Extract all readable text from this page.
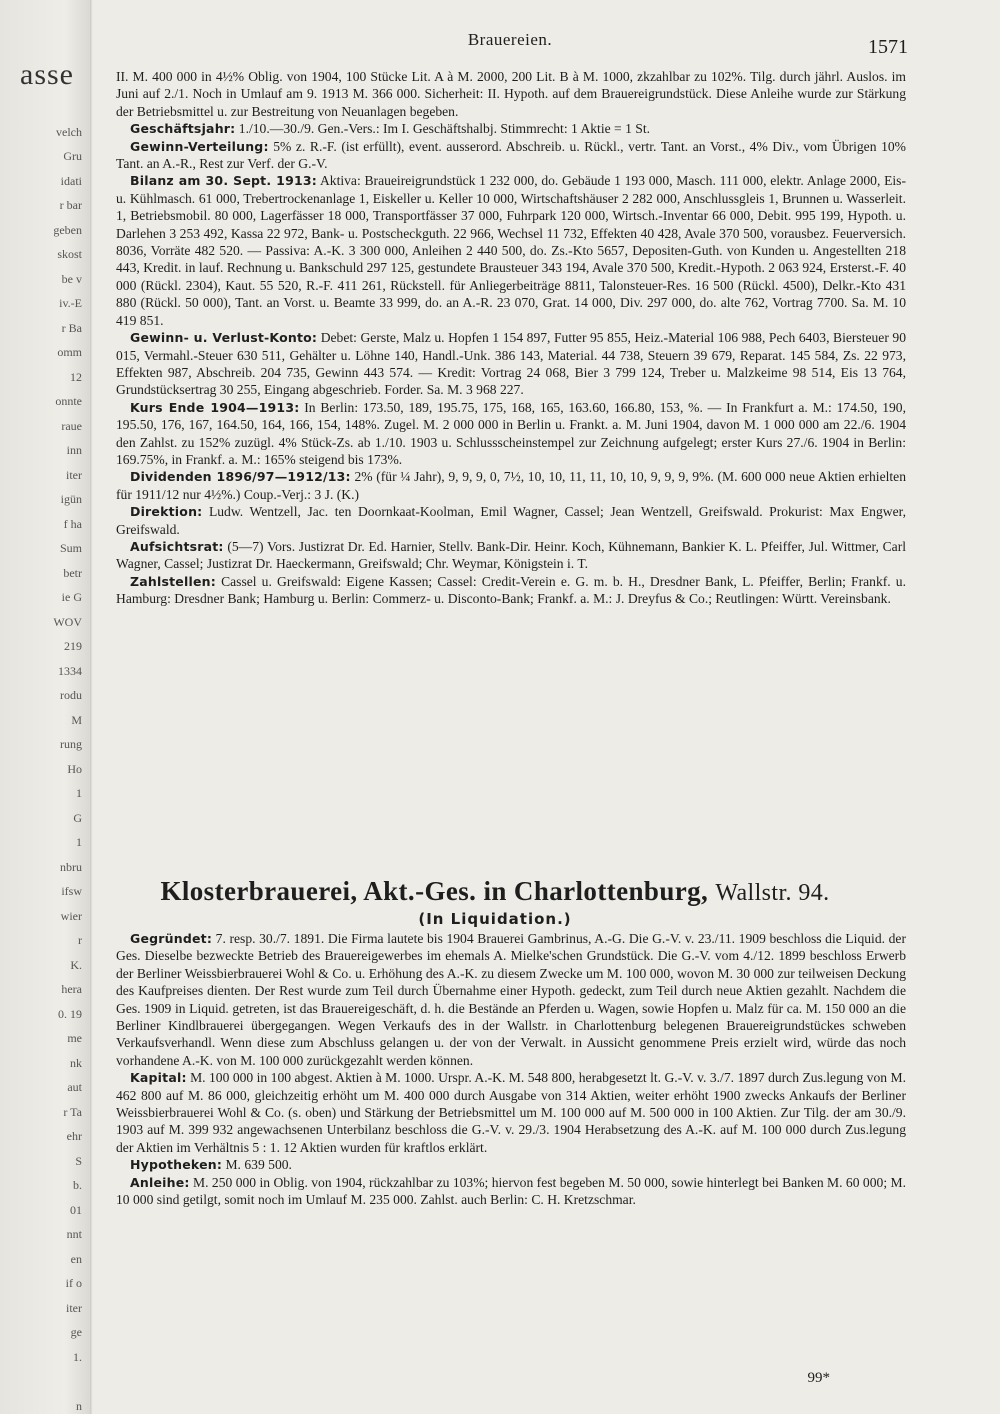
asse
velch
Gru
idati
r bar
geben
skost
be v
iv.-E
r Ba
omm
12
onnte
raue
inn
iter
igün
f ha
Sum
betr
ie G
WOV
219
1334
rodu
M
rung
Ho
1
G
1
nbru
ifsw
wier
r
K.
hera
0. 19
me
nk
aut
r Ta
ehr
S
b.
01
nnt
en
if o
iter
ge
1.
n
Brauereien.	1571

II. M. 400 000 in 4½% Oblig. von 1904, 100 Stücke Lit. A à M. 2000, 200 Lit. B à M. 1000, zkzahlbar zu 102%. Tilg. durch jährl. Auslos. im Juni auf 2./1. Noch in Umlauf am 9. 1913 M. 366 000. Sicherheit: II. Hypoth. auf dem Brauereigrundstück. Diese Anleihe wurde zur Stärkung der Betriebsmittel u. zur Bestreitung von Neuanlagen begeben.

Geschäftsjahr: 1./10.—30./9. Gen.-Vers.: Im I. Geschäftshalbj. Stimmrecht: 1 Aktie = 1 St.

Gewinn-Verteilung: 5% z. R.-F. (ist erfüllt), event. ausserord. Abschreib. u. Rückl., vertr. Tant. an Vorst., 4% Div., vom Übrigen 10% Tant. an A.-R., Rest zur Verf. der G.-V.

Bilanz am 30. Sept. 1913: Aktiva: Braueireigrundstück 1 232 000, do. Gebäude 1 193 000, Masch. 111 000, elektr. Anlage 2000, Eis- u. Kühlmasch. 61 000, Trebertrockenanlage 1, Eiskeller u. Keller 10 000, Wirtschaftshäuser 2 282 000, Anschlussgleis 1, Brunnen u. Wasserleit. 1, Betriebsmobil. 80 000, Lagerfässer 18 000, Transportfässer 37 000, Fuhrpark 120 000, Wirtsch.-Inventar 66 000, Debit. 995 199, Hypoth. u. Darlehen 3 253 492, Kassa 22 972, Bank- u. Postscheckguth. 22 966, Wechsel 11 732, Effekten 40 428, Avale 370 500, vorausbez. Feuerversich. 8036, Vorräte 482 520. — Passiva: A.-K. 3 300 000, Anleihen 2 440 500, do. Zs.-Kto 5657, Depositen-Guth. von Kunden u. Angestellten 218 443, Kredit. in lauf. Rechnung u. Bankschuld 297 125, gestundete Brausteuer 343 194, Avale 370 500, Kredit.-Hypoth. 2 063 924, Ersterst.-F. 40 000 (Rückl. 2304), Kaut. 55 520, R.-F. 411 261, Rückstell. für Anliegerbeiträge 8811, Talonsteuer-Res. 16 500 (Rückl. 4500), Delkr.-Kto 431 880 (Rückl. 50 000), Tant. an Vorst. u. Beamte 33 999, do. an A.-R. 23 070, Grat. 14 000, Div. 297 000, do. alte 762, Vortrag 7700. Sa. M. 10 419 851.

Gewinn- u. Verlust-Konto: Debet: Gerste, Malz u. Hopfen 1 154 897, Futter 95 855, Heiz.-Material 106 988, Pech 6403, Biersteuer 90 015, Vermahl.-Steuer 630 511, Gehälter u. Löhne 140, Handl.-Unk. 386 143, Material. 44 738, Steuern 39 679, Reparat. 145 584, Zs. 22 973, Effekten 987, Abschreib. 204 735, Gewinn 443 574. — Kredit: Vortrag 24 068, Bier 3 799 124, Treber u. Malzkeime 98 514, Eis 13 764, Grundstücksertrag 30 255, Eingang abgeschrieb. Forder. Sa. M. 3 968 227.

Kurs Ende 1904—1913: In Berlin: 173.50, 189, 195.75, 175, 168, 165, 163.60, 166.80, 153, %. — In Frankfurt a. M.: 174.50, 190, 195.50, 176, 167, 164.50, 164, 166, 154, 148%. Zugel. M. 2 000 000 in Berlin u. Frankt. a. M. Juni 1904, davon M. 1 000 000 am 22./6. 1904 den Zahlst. zu 152% zuzügl. 4% Stück-Zs. ab 1./10. 1903 u. Schlussscheinstempel zur Zeichnung aufgelegt; erster Kurs 27./6. 1904 in Berlin: 169.75%, in Frankf. a. M.: 165% steigend bis 173%.

Dividenden 1896/97—1912/13: 2% (für ¼ Jahr), 9, 9, 9, 0, 7½, 10, 10, 11, 11, 10, 10, 9, 9, 9, 9%. (M. 600 000 neue Aktien erhielten für 1911/12 nur 4½%.) Coup.-Verj.: 3 J. (K.)

Direktion: Ludw. Wentzell, Jac. ten Doornkaat-Koolman, Emil Wagner, Cassel; Jean Wentzell, Greifswald. Prokurist: Max Engwer, Greifswald.

Aufsichtsrat: (5—7) Vors. Justizrat Dr. Ed. Harnier, Stellv. Bank-Dir. Heinr. Koch, Kühnemann, Bankier K. L. Pfeiffer, Jul. Wittmer, Carl Wagner, Cassel; Justizrat Dr. Haeckermann, Greifswald; Chr. Weymar, Königstein i. T.

Zahlstellen: Cassel u. Greifswald: Eigene Kassen; Cassel: Credit-Verein e. G. m. b. H., Dresdner Bank, L. Pfeiffer, Berlin; Frankf. u. Hamburg: Dresdner Bank; Hamburg u. Berlin: Commerz- u. Disconto-Bank; Frankf. a. M.: J. Dreyfus & Co.; Reutlingen: Württ. Vereinsbank.

Klosterbrauerei, Akt.-Ges. in Charlottenburg, Wallstr. 94.
(In Liquidation.)

Gegründet: 7. resp. 30./7. 1891. Die Firma lautete bis 1904 Brauerei Gambrinus, A.-G. Die G.-V. v. 23./11. 1909 beschloss die Liquid. der Ges. Dieselbe bezweckte Betrieb des Brauereigewerbes im ehemals A. Mielke'schen Grundstück. Die G.-V. vom 4./12. 1899 beschloss Erwerb der Berliner Weissbierbrauerei Wohl & Co. u. Erhöhung des A.-K. zu diesem Zwecke um M. 100 000, wovon M. 30 000 zur teilweisen Deckung des Kaufpreises dienten. Der Rest wurde zum Teil durch Übernahme einer Hypoth. gedeckt, zum Teil durch neue Aktien gezahlt. Nachdem die Ges. 1909 in Liquid. getreten, ist das Brauereigeschäft, d. h. die Bestände an Pferden u. Wagen, sowie Hopfen u. Malz für ca. M. 150 000 an die Berliner Kindlbrauerei übergegangen. Wegen Verkaufs des in der Wallstr. in Charlottenburg belegenen Brauereigrundstückes schweben Verkaufsverhandl. Wenn diese zum Abschluss gelangen u. der von der Verwalt. in Aussicht genommene Preis erzielt wird, würde das noch vorhandene A.-K. von M. 100 000 zurückgezahlt werden können.

Kapital: M. 100 000 in 100 abgest. Aktien à M. 1000. Urspr. A.-K. M. 548 800, herabgesetzt lt. G.-V. v. 3./7. 1897 durch Zus.legung von M. 462 800 auf M. 86 000, gleichzeitig erhöht um M. 400 000 durch Ausgabe von 314 Aktien, weiter erhöht 1900 zwecks Ankaufs der Berliner Weissbierbrauerei Wohl & Co. (s. oben) und Stärkung der Betriebsmittel um M. 100 000 auf M. 500 000 in 100 Aktien. Zur Tilg. der am 30./9. 1903 auf M. 399 932 angewachsenen Unterbilanz beschloss die G.-V. v. 29./3. 1904 Herabsetzung des A.-K. auf M. 100 000 durch Zus.legung der Aktien im Verhältnis 5 : 1. 12 Aktien wurden für kraftlos erklärt.

Hypotheken: M. 639 500.

Anleihe: M. 250 000 in Oblig. von 1904, rückzahlbar zu 103%; hiervon fest begeben M. 50 000, sowie hinterlegt bei Banken M. 60 000; M. 10 000 sind getilgt, somit noch im Umlauf M. 235 000. Zahlst. auch Berlin: C. H. Kretzschmar.

99*
